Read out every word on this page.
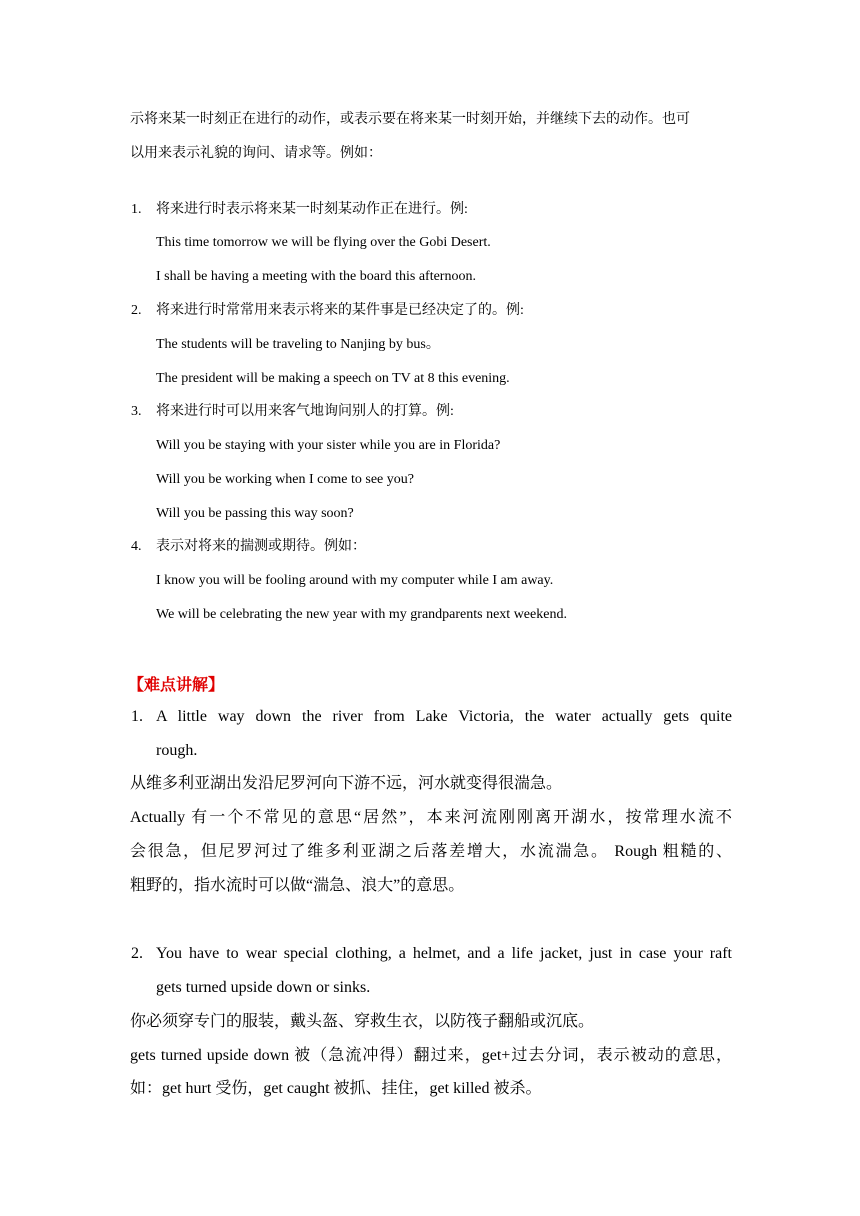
示将来某一时刻正在进行的动作，或表示要在将来某一时刻开始，并继续下去的动作。也可
以用来表示礼貌的询问、请求等。例如：
1. 将来进行时表示将来某一时刻某动作正在进行。例:
This time tomorrow we will be flying over the Gobi Desert.
I shall be having a meeting with the board this afternoon.
2. 将来进行时常常用来表示将来的某件事是已经决定了的。例:
The students will be traveling to Nanjing by bus。
The president will be making a speech on TV at 8 this evening.
3. 将来进行时可以用来客气地询问别人的打算。例:
Will you be staying with your sister while you are in Florida?
Will you be working when I come to see you?
Will you be passing this way soon?
4. 表示对将来的揣测或期待。例如：
I know you will be fooling around with my computer while I am away.
We will be celebrating the new year with my grandparents next weekend.
【难点讲解】
1. A little way down the river from Lake Victoria, the water actually gets quite
rough.
从维多利亚湖出发沿尼罗河向下游不远，河水就变得很湍急。
Actually 有一个不常见的意思“居然”，本来河流刚刚离开湖水，按常理水流不
会很急，但尼罗河过了维多利亚湖之后落差增大，水流湍急。 Rough 粗糙的、
粗野的，指水流时可以做“湍急、浪大”的意思。
2. You have to wear special clothing, a helmet, and a life jacket, just in case your raft
gets turned upside down or sinks.
你必须穿专门的服装，戴头盔、穿救生衣，以防筏子翻船或沉底。
gets turned upside down 被（急流冲得）翻过来，get+过去分词，表示被动的意思，
如：get hurt 受伤，get caught 被抓、挂住，get killed 被杀。
